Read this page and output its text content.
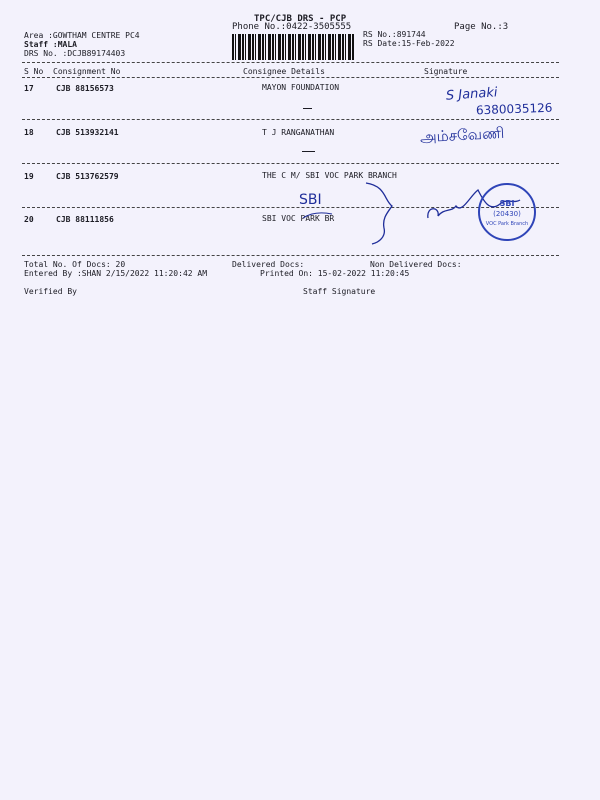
TPC/CJB DRS - PCP
Phone No.:0422-3505555	Page No.:3
Area :GOWTHAM CENTRE PC4
Staff :MALA
DRS No. :DCJB89174403
RS No.:891744
RS Date:15-Feb-2022
S No Consignment No	Consignee Details	Signature
17	CJB 88156573	MAYON FOUNDATION	S Janaki
6380035126
18	CJB 513932141	T J RANGANATHAN	அம்சவேணி
19	CJB 513762579	THE C M/ SBI VOC PARK BRANCH
SBI
20	CJB 88111856	SBI VOC PARK BR
SBI
(20430)
VOC Park Branch
Total No. Of Docs: 20	Delivered Docs:	Non Delivered Docs:
Entered By :SHAN 2/15/2022 11:20:42 AM	Printed On: 15-02-2022 11:20:45
Verified By	Staff Signature
